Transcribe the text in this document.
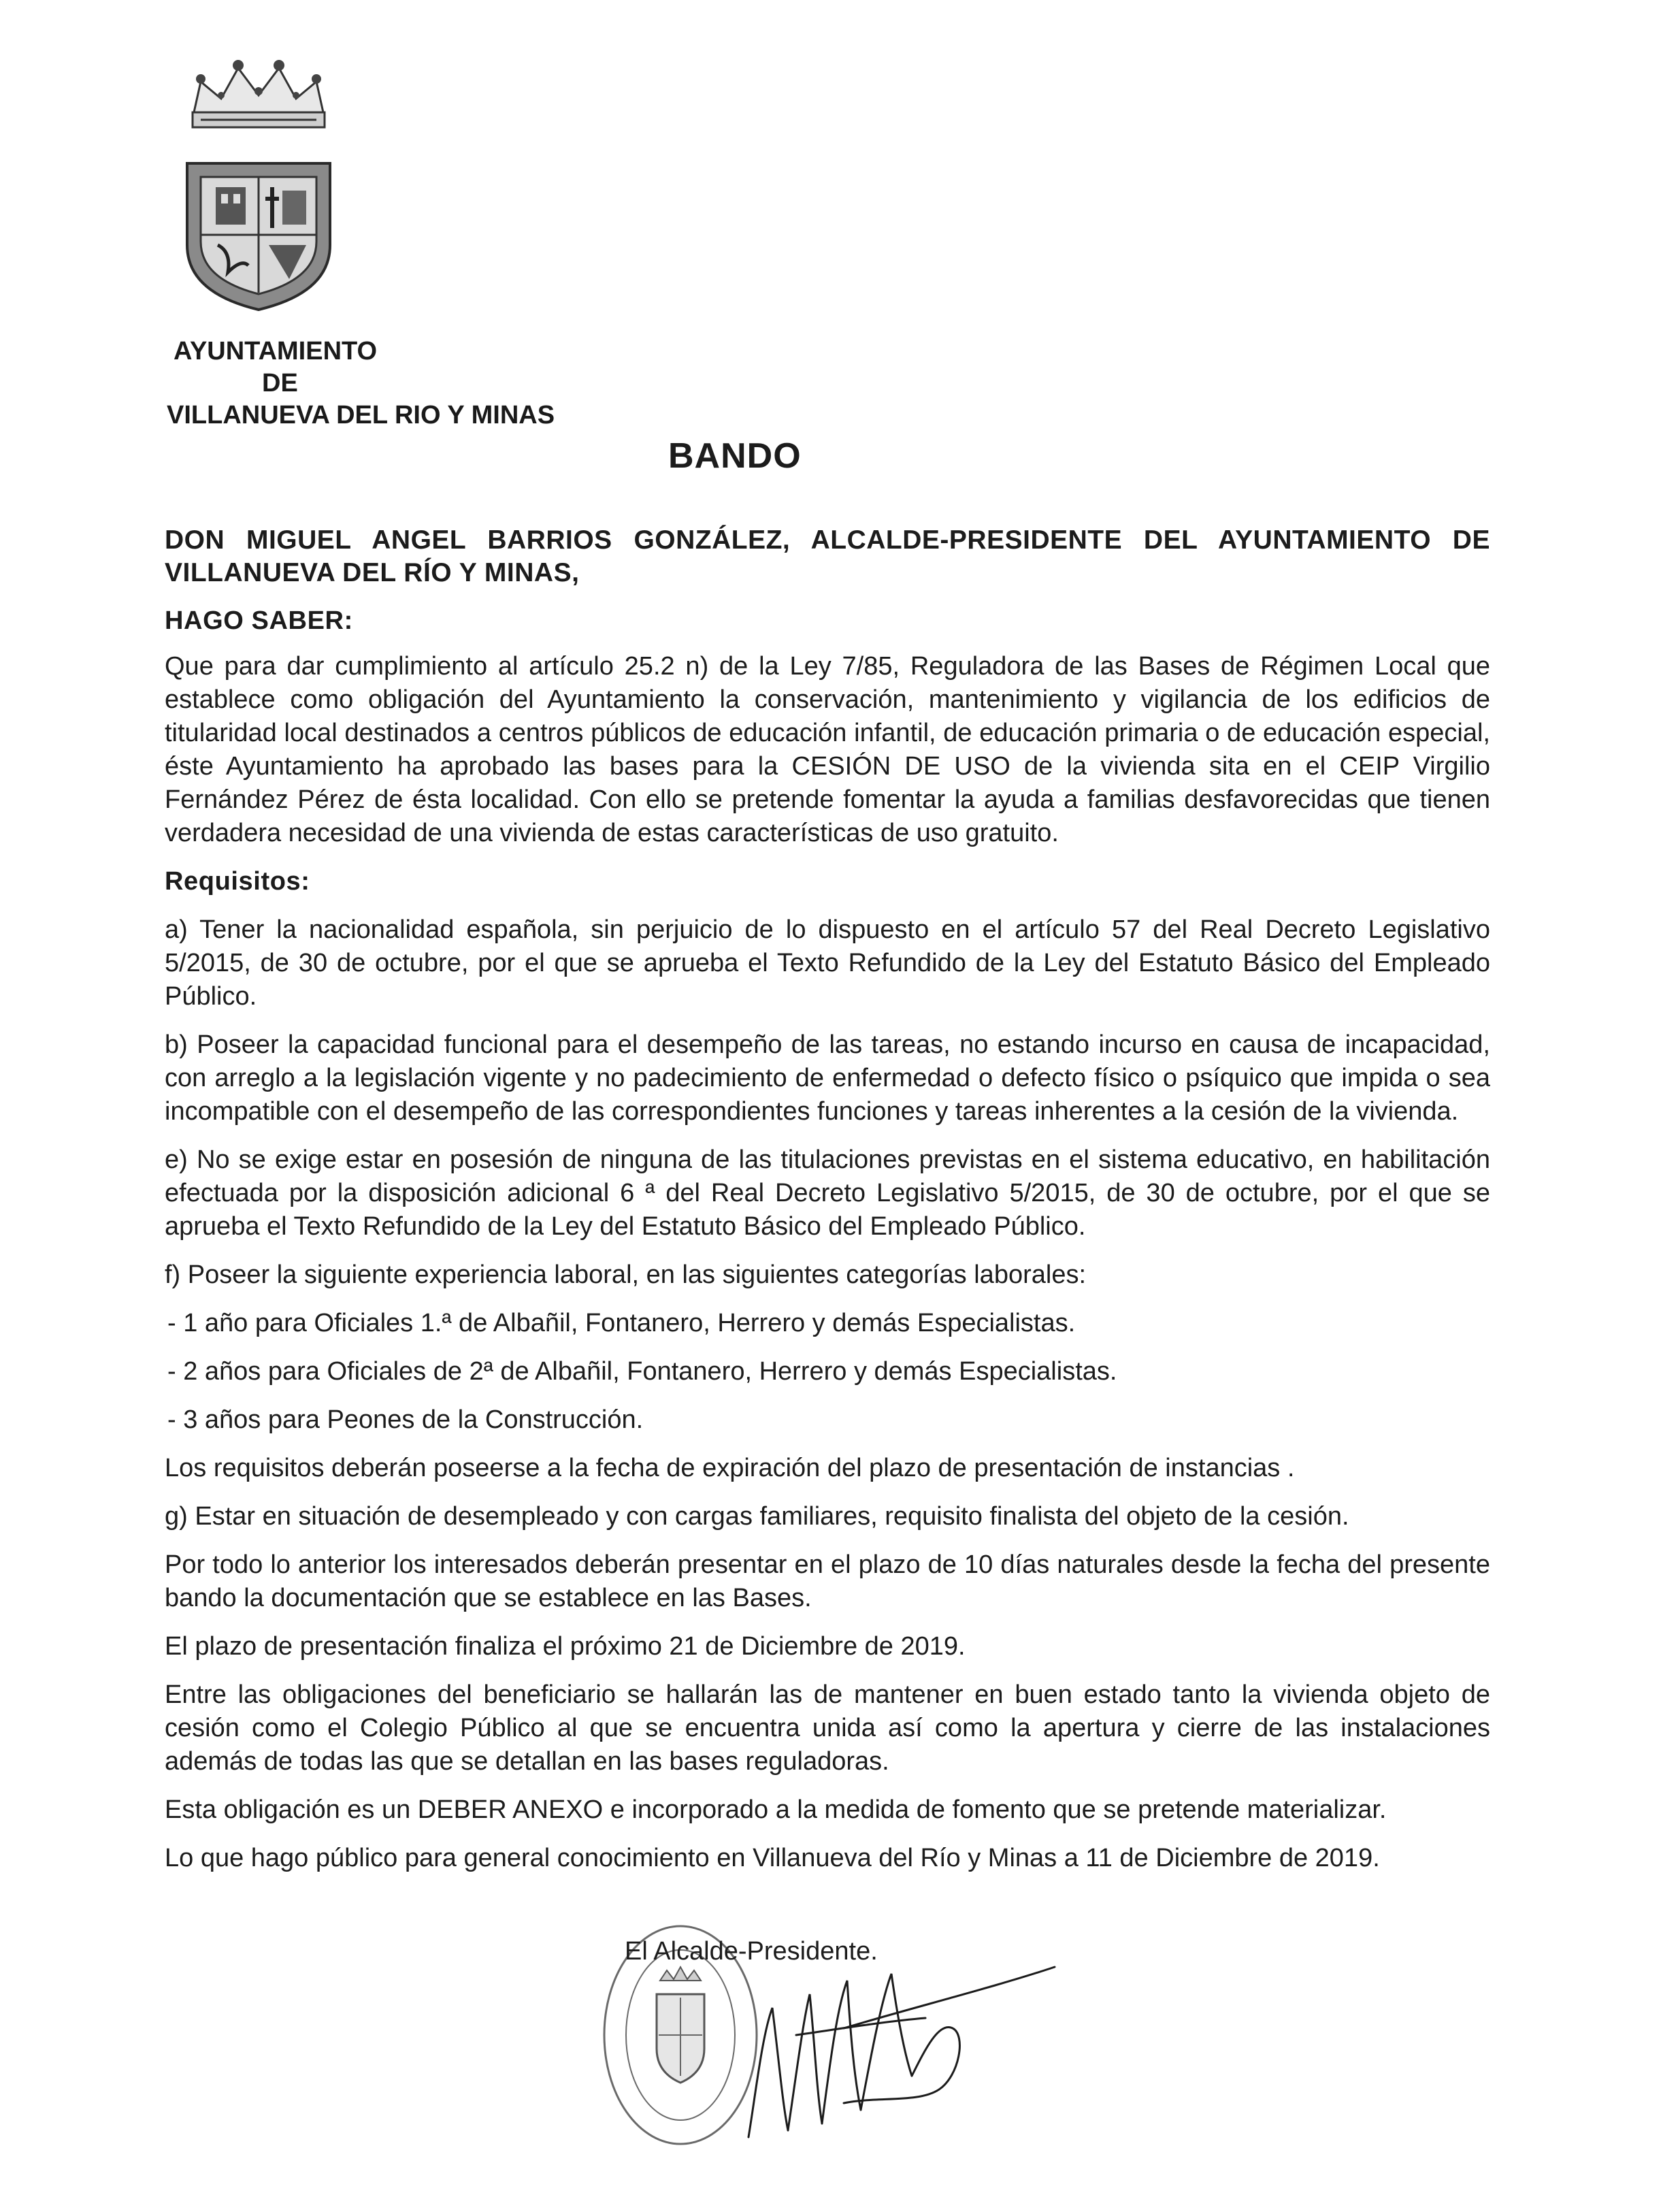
AYUNTAMIENTO
DE
VILLANUEVA DEL RIO Y MINAS
BANDO
DON MIGUEL ANGEL BARRIOS GONZÁLEZ, ALCALDE-PRESIDENTE DEL AYUNTAMIENTO DE VILLANUEVA DEL RÍO Y MINAS,

HAGO SABER:

Que para dar cumplimiento al artículo 25.2 n) de la Ley 7/85, Reguladora de las Bases de Régimen Local que establece como obligación del Ayuntamiento la conservación, mantenimiento y vigilancia de los edificios de titularidad local destinados a centros públicos de educación infantil, de educación primaria o de educación especial, éste Ayuntamiento ha aprobado las bases para la CESIÓN DE USO de la vivienda sita en el CEIP Virgilio Fernández Pérez de ésta localidad. Con ello se pretende fomentar la ayuda a familias desfavorecidas que tienen verdadera necesidad de una vivienda de estas características de uso gratuito.

Requisitos:

a) Tener la nacionalidad española, sin perjuicio de lo dispuesto en el artículo 57 del Real Decreto Legislativo 5/2015, de 30 de octubre, por el que se aprueba el Texto Refundido de la Ley del Estatuto Básico del Empleado Público.

b) Poseer la capacidad funcional para el desempeño de las tareas, no estando incurso en causa de incapacidad, con arreglo a la legislación vigente y no padecimiento de enfermedad o defecto físico o psíquico que impida o sea incompatible con el desempeño de las correspondientes funciones y tareas inherentes a la cesión de la vivienda.

e) No se exige estar en posesión de ninguna de las titulaciones previstas en el sistema educativo, en habilitación efectuada por la disposición adicional 6 ª del Real Decreto Legislativo 5/2015, de 30 de octubre, por el que se aprueba el Texto Refundido de la Ley del Estatuto Básico del Empleado Público.

f) Poseer la siguiente experiencia laboral, en las siguientes categorías laborales:

- 1 año para Oficiales 1.ª de Albañil, Fontanero, Herrero y demás Especialistas.

- 2 años para Oficiales de 2ª de Albañil, Fontanero, Herrero y demás Especialistas.

- 3 años para Peones de la Construcción.

Los requisitos deberán poseerse a la fecha de expiración del plazo de presentación de instancias .

g) Estar en situación de desempleado y con cargas familiares, requisito finalista del objeto de la cesión.

Por todo lo anterior los interesados deberán presentar en el plazo de 10 días naturales desde la fecha del presente bando la documentación que se establece en las Bases.

El plazo de presentación finaliza el próximo 21 de Diciembre de 2019.

Entre las obligaciones del beneficiario se hallarán las de mantener en buen estado tanto la vivienda objeto de cesión como el Colegio Público al que se encuentra unida así como la apertura y cierre de las instalaciones además de todas las que se detallan en las bases reguladoras.

Esta obligación es un DEBER ANEXO e incorporado a la medida de fomento que se pretende materializar.

Lo que hago público para general conocimiento en Villanueva del Río y Minas a 11 de Diciembre de 2019.

El Alcalde-Presidente.
